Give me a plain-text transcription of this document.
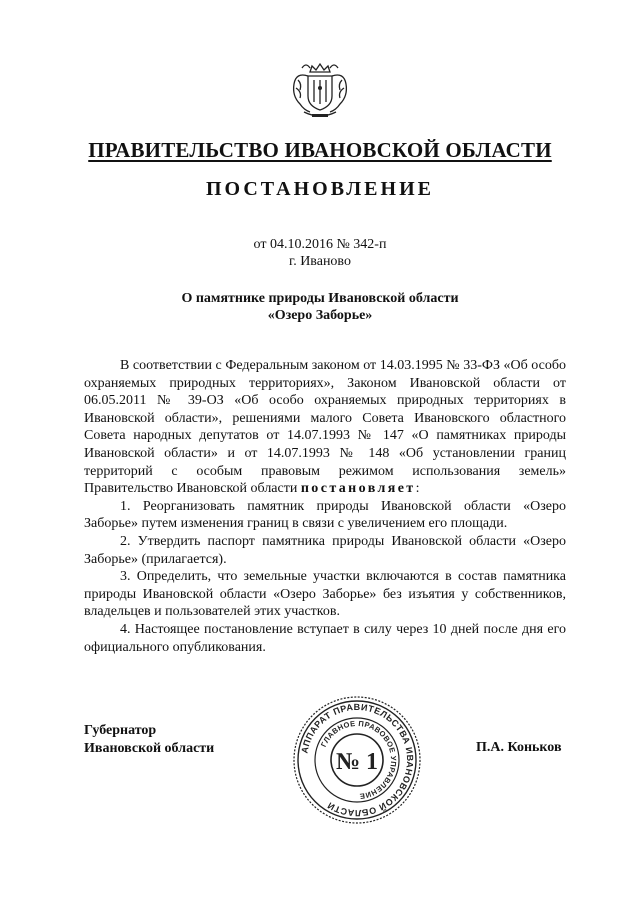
ПРАВИТЕЛЬСТВО ИВАНОВСКОЙ ОБЛАСТИ
ПОСТАНОВЛЕНИЕ
от 04.10.2016 № 342-п
г. Иваново
О памятнике природы Ивановской области
«Озеро Заборье»

В соответствии с Федеральным законом от 14.03.1995 № 33-ФЗ «Об особо охраняемых природных территориях», Законом Ивановской области от 06.05.2011 № 39-ОЗ «Об особо охраняемых природных территориях в Ивановской области», решениями малого Совета Ивановского областного Совета народных депутатов от 14.07.1993 № 147 «О памятниках природы Ивановской области» и от 14.07.1993 № 148 «Об установлении границ территорий с особым правовым режимом использования земель» Правительство Ивановской области постановляет:

1. Реорганизовать памятник природы Ивановской области «Озеро Заборье» путем изменения границ в связи с увеличением его площади.

2. Утвердить паспорт памятника природы Ивановской области «Озеро Заборье» (прилагается).

3. Определить, что земельные участки включаются в состав памятника природы Ивановской области «Озеро Заборье» без изъятия у собственников, владельцев и пользователей этих участков.

4. Настоящее постановление вступает в силу через 10 дней после дня его официального опубликования.

Губернатор
Ивановской области	АППАРАТ ПРАВИТЕЛЬСТВА ИВАНОВСКОЙ ОБЛАСТИ
ГЛАВНОЕ ПРАВОВОЕ УПРАВЛЕНИЕ
№ 1
П.А. Коньков
